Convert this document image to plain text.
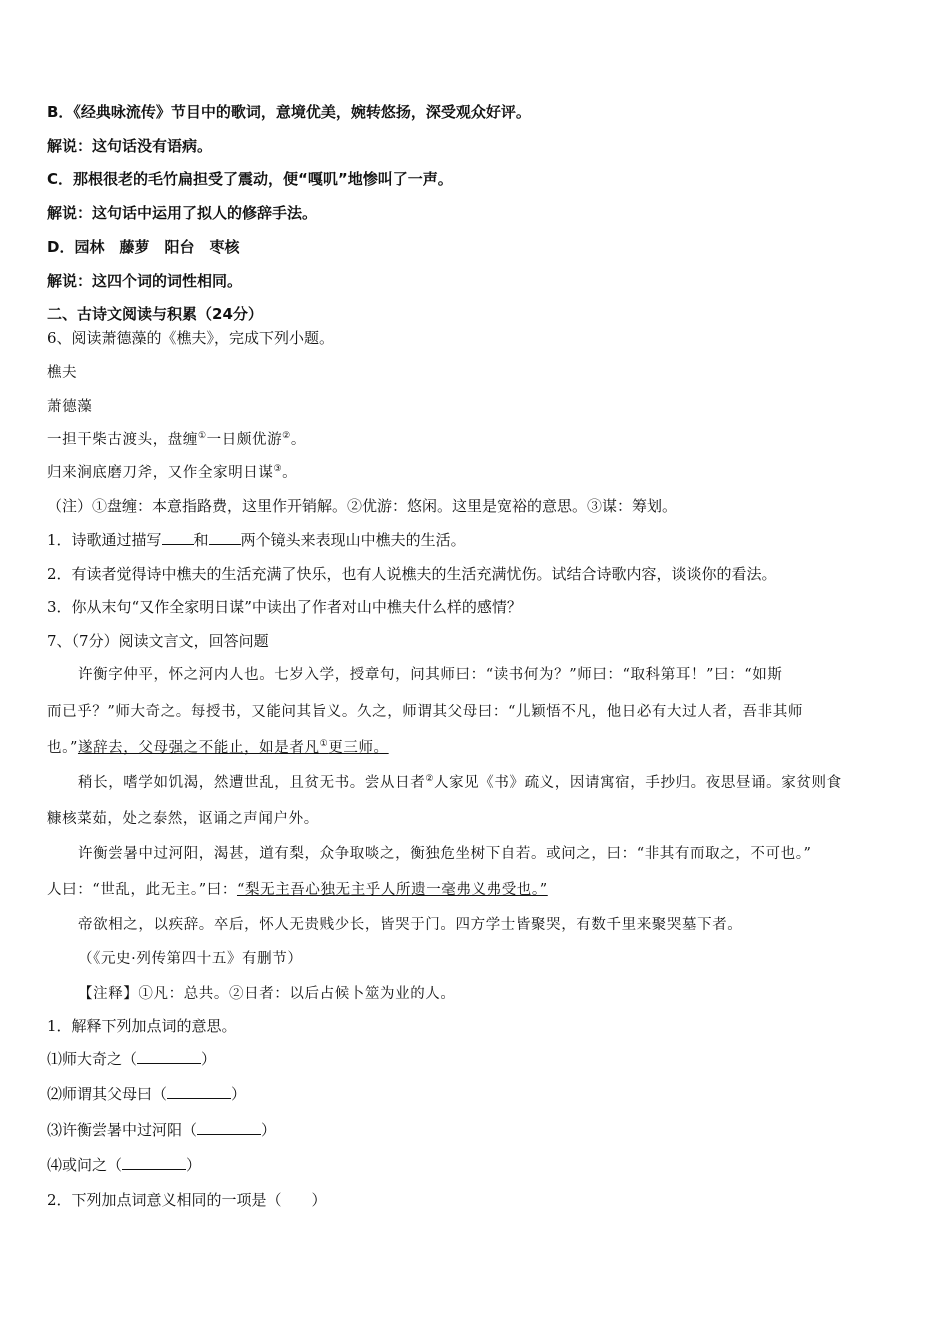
B．《经典咏流传》节目中的歌词，意境优美，婉转悠扬，深受观众好评。
解说：这句话没有语病。
C．那根很老的毛竹扁担受了震动，便“嘎叽”地惨叫了一声。
解说：这句话中运用了拟人的修辞手法。
D．园林　藤萝　阳台　枣核
解说：这四个词的词性相同。
二、古诗文阅读与积累（24分）
6、阅读萧德藻的《樵夫》，完成下列小题。
樵夫
萧德藻
一担干柴古渡头，盘缠①一日颇优游②。
归来涧底磨刀斧，又作全家明日谋③。
（注）①盘缠：本意指路费，这里作开销解。②优游：悠闲。这里是宽裕的意思。③谋：筹划。
1．诗歌通过描写 和 两个镜头来表现山中樵夫的生活。
2．有读者觉得诗中樵夫的生活充满了快乐，也有人说樵夫的生活充满忧伤。试结合诗歌内容，谈谈你的看法。
3．你从末句“又作全家明日谋”中读出了作者对山中樵夫什么样的感情？
7、（7分）阅读文言文，回答问题
许衡字仲平，怀之河内人也。七岁入学，授章句，问其师曰：“读书何为？”师曰：“取科第耳！”曰：“如斯
而已乎？”师大奇之。每授书，又能问其旨义。久之，师谓其父母曰：“儿颖悟不凡，他日必有大过人者，吾非其师
也。”遂辞去，父母强之不能止，如是者凡①更三师。
稍长，嗜学如饥渴，然遭世乱，且贫无书。尝从日者②人家见《书》疏义，因请寓宿，手抄归。夜思昼诵。家贫则食
糠核菜茹，处之泰然，讴诵之声闻户外。
许衡尝暑中过河阳，渴甚，道有梨，众争取啖之，衡独危坐树下自若。或问之，曰：“非其有而取之，不可也。”
人曰：“世乱，此无主。”曰：“梨无主吾心独无主乎人所遗一毫弗义弗受也。”
帝欲相之，以疾辞。卒后，怀人无贵贱少长，皆哭于门。四方学士皆聚哭，有数千里来聚哭墓下者。
（《元史·列传第四十五》有删节）
【注释】①凡：总共。②日者：以后占候卜筮为业的人。
1．解释下列加点词的意思。
⑴师大奇之（	）
⑵师谓其父母曰（	）
⑶许衡尝暑中过河阳（	）
⑷或问之（	）
2．下列加点词意义相同的一项是（　　）
